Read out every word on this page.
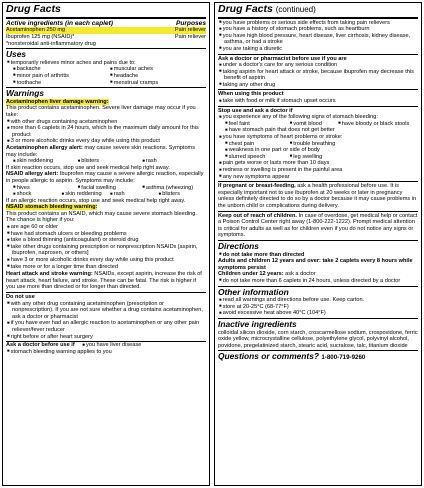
Drug Facts
Active ingredients (in each caplet)	Purposes
Acetaminophen 250 mg	Pain reliever
Ibuprofen 125 mg (NSAID)*	Pain reliever
*nonsteroidal anti-inflammatory drug
Uses
■ temporarily relieves minor aches and pains due to:
■ backache	■ muscular aches
■ minor pain of arthritis	■ headache
■ toothache	■ menstrual cramps
Warnings
Acetaminophen liver damage warning:
This product contains acetaminophen. Severe liver damage may occur if you take:
■ with other drugs containing acetaminophen
■ more than 6 caplets in 24 hours, which is the maximum daily amount for this product
■ 3 or more alcoholic drinks every day while using this product
Acetaminophen allergy alert: may cause severe skin reactions. Symptoms may include:
■ skin reddening	■ blisters	■ rash
If skin reaction occurs, stop use and seek medical help right away.
NSAID allergy alert: Ibuprofen may cause a severe allergic reaction, especially in people allergic to aspirin. Symptoms may include:
■ hives	■ facial swelling	■ asthma (wheezing)
■ shock	■ skin reddening	■ rash	■ blisters
If an allergic reaction occurs, stop use and seek medical help right away.
NSAID stomach bleeding warning:
This product contains an NSAID, which may cause severe stomach bleeding. The chance is higher if you:
■ are age 60 or older
■ have had stomach ulcers or bleeding problems
■ take a blood thinning (anticoagulant) or steroid drug
■ take other drugs containing prescription or nonprescription NSAIDs [aspirin, ibuprofen, naproxen, or others]
■ have 3 or more alcoholic drinks every day while using this product
■ take more or for a longer time than directed
Heart attack and stroke warning: NSAIDs, except aspirin, increase the risk of heart attack, heart failure, and stroke. These can be fatal. The risk is higher if you use more than directed or for longer than directed.
Do not use
■ with any other drug containing acetaminophen (prescription or nonprescription). If you are not sure whether a drug contains acetaminophen, ask a doctor or pharmacist
■ if you have ever had an allergic reaction to acetaminophen or any other pain reliever/fever reducer
■ right before or after heart surgery
Ask a doctor before use if ■ you have liver disease
■ stomach bleeding warning applies to you
Drug Facts (continued)
■ you have problems or serious side effects from taking pain relievers
■ you have a history of stomach problems, such as heartburn
■ you have high blood pressure, heart disease, liver cirrhosis, kidney disease, asthma, or had a stroke
■ you are taking a diuretic
Ask a doctor or pharmacist before use if you are
■ under a doctor's care for any serious condition
■ taking aspirin for heart attack or stroke, because ibuprofen may decrease this benefit of aspirin
■ taking any other drug
When using this product
■ take with food or milk if stomach upset occurs
Stop use and ask a doctor if
■ you experience any of the following signs of stomach bleeding:
■ feel faint	■ vomit blood	■ have bloody or black stools
■ have stomach pain that does not get better
■ you have symptoms of heart problems or stroke:
■ chest pain	■ trouble breathing
■ weakness in one part or side of body
■ slurred speech	■ leg swelling
■ pain gets worse or lasts more than 10 days
■ redness or swelling is present in the painful area
■ any new symptoms appear
If pregnant or breast-feeding, ask a health professional before use. It is especially important not to use ibuprofen at 20 weeks or later in pregnancy unless definitely directed to do so by a doctor because it may cause problems in the unborn child or complications during delivery.
Keep out of reach of children. In case of overdose, get medical help or contact a Poison Control Center right away (1-800-222-1222). Prompt medical attention is critical for adults as well as for children even if you do not notice any signs or symptoms.
Directions
■ do not take more than directed
Adults and children 12 years and over: take 2 caplets every 8 hours while symptoms persist
Children under 12 years: ask a doctor
■ do not take more than 6 caplets in 24 hours, unless directed by a doctor
Other information
■ read all warnings and directions before use. Keep carton.
■ store at 20-25°C (68-77°F)
■ avoid excessive heat above 40°C (104°F)
Inactive ingredients
colloidal silicon dioxide, corn starch, croscarmellose sodium, crospovidone, ferric oxide yellow, microcrystalline cellulose, polyethylene glycol, polyvinyl alcohol, povidone, pregelatinized starch, stearic acid, sucralose, talc, titanium dioxide
Questions or comments? 1-800-719-9260
